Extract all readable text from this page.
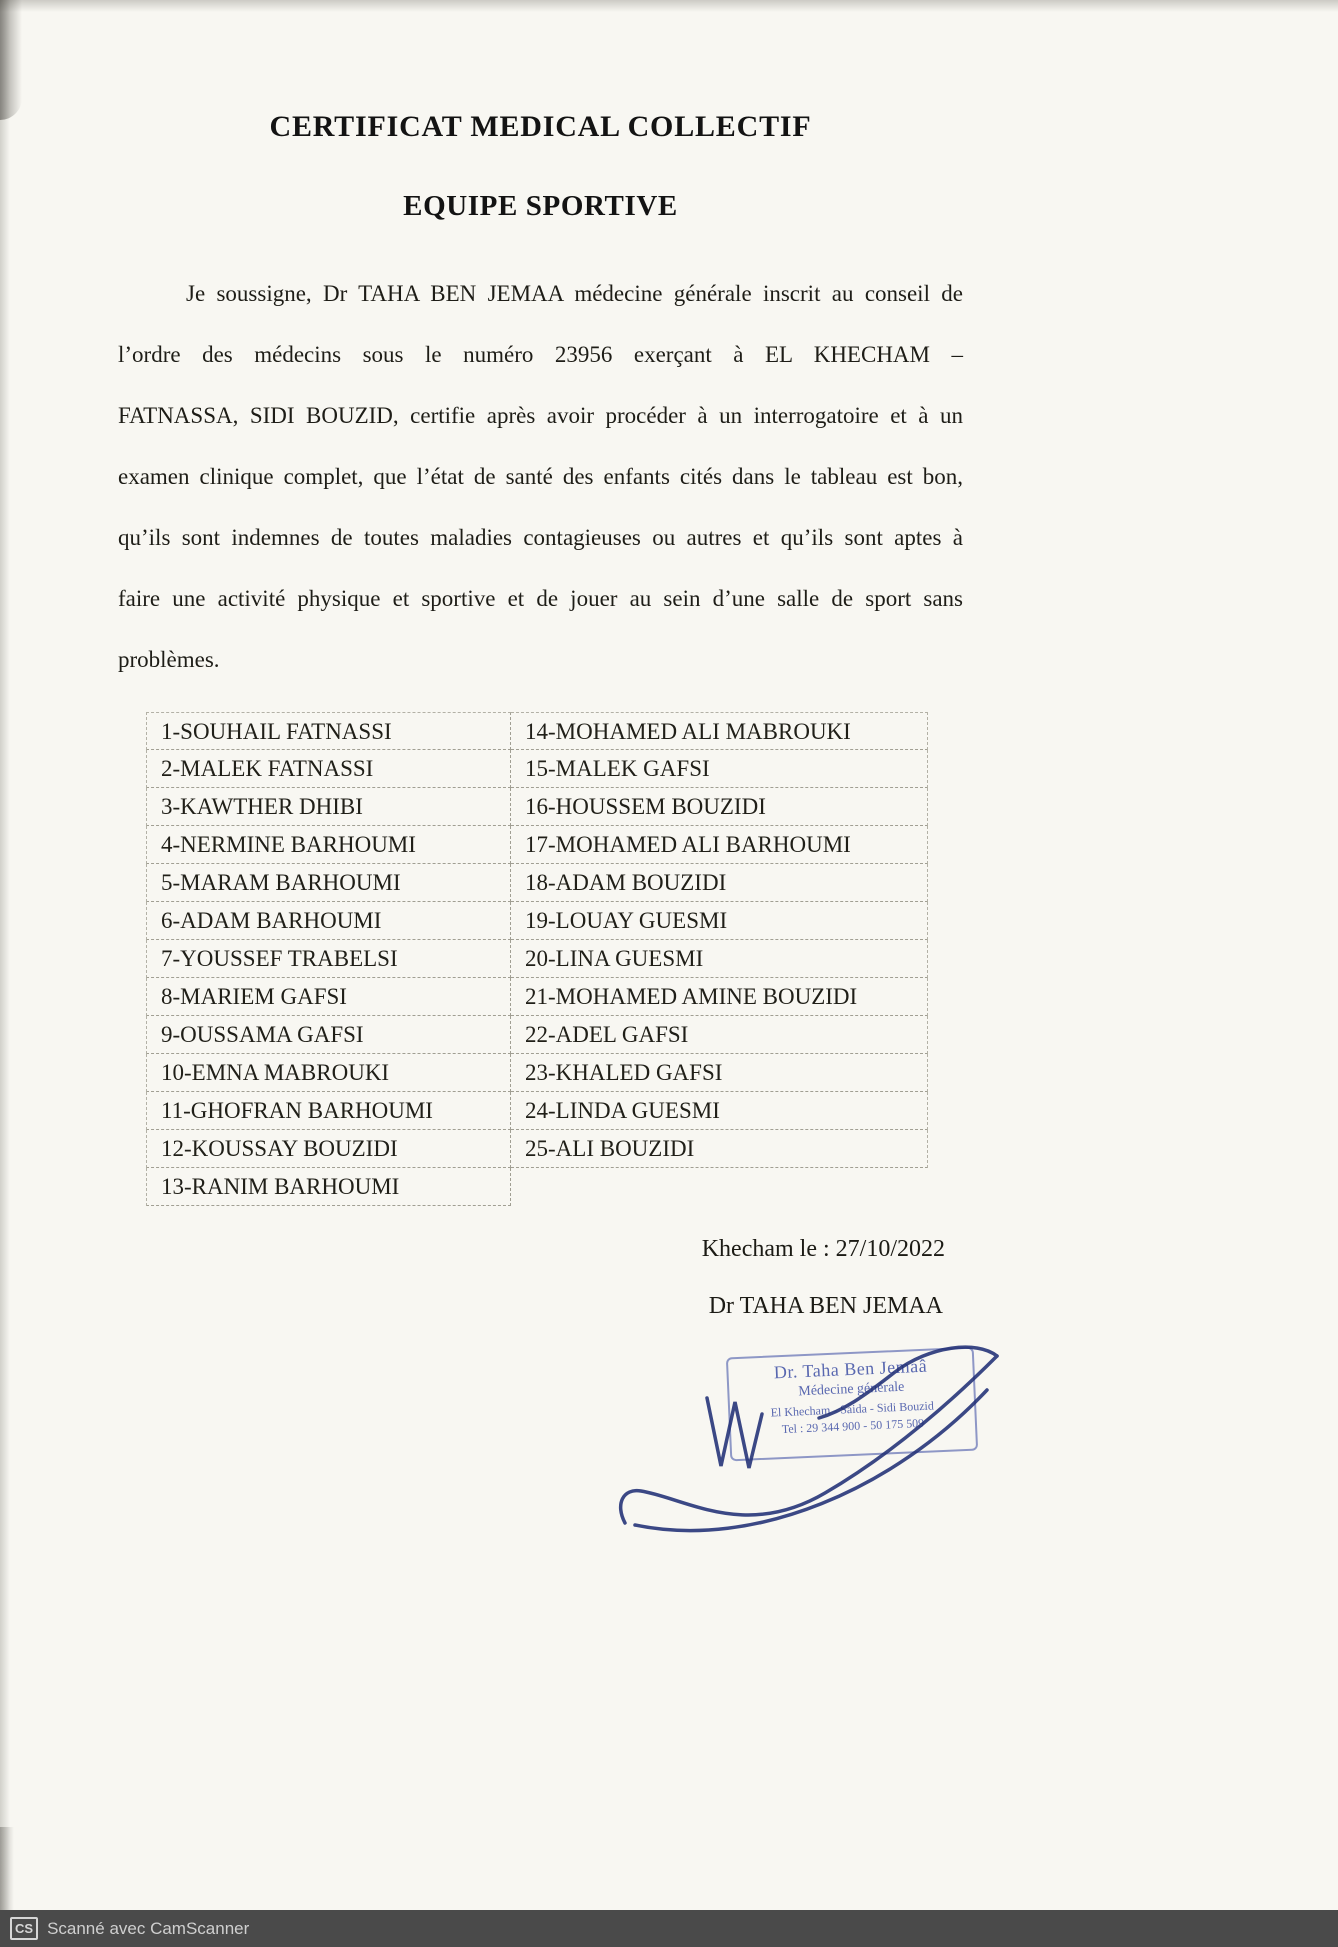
CERTIFICAT MEDICAL COLLECTIF
EQUIPE SPORTIVE

Je soussigne, Dr TAHA BEN JEMAA médecine générale inscrit au conseil de l’ordre des médecins sous le numéro 23956 exerçant à EL KHECHAM – FATNASSA, SIDI BOUZID, certifie après avoir procéder à un interrogatoire et à un examen clinique complet, que l’état de santé des enfants cités dans le tableau est bon, qu’ils sont indemnes de toutes maladies contagieuses ou autres et qu’ils sont aptes à faire une activité physique et sportive et de jouer au sein d’une salle de sport sans problèmes.

1-SOUHAIL FATNASSI	14-MOHAMED ALI MABROUKI
2-MALEK FATNASSI	15-MALEK GAFSI
3-KAWTHER DHIBI	16-HOUSSEM BOUZIDI
4-NERMINE BARHOUMI	17-MOHAMED ALI BARHOUMI
5-MARAM BARHOUMI	18-ADAM BOUZIDI
6-ADAM BARHOUMI	19-LOUAY GUESMI
7-YOUSSEF TRABELSI	20-LINA GUESMI
8-MARIEM GAFSI	21-MOHAMED AMINE BOUZIDI
9-OUSSAMA GAFSI	22-ADEL GAFSI
10-EMNA MABROUKI	23-KHALED GAFSI
11-GHOFRAN BARHOUMI	24-LINDA GUESMI
12-KOUSSAY BOUZIDI	25-ALI BOUZIDI
13-RANIM BARHOUMI
Khecham le : 27/10/2022
Dr TAHA BEN JEMAA
Dr. Taha Ben Jemaâ
Médecine générale
El Khecham - Saida - Sidi Bouzid
Tel : 29 344 900 - 50 175 509
CS Scanné avec CamScanner
